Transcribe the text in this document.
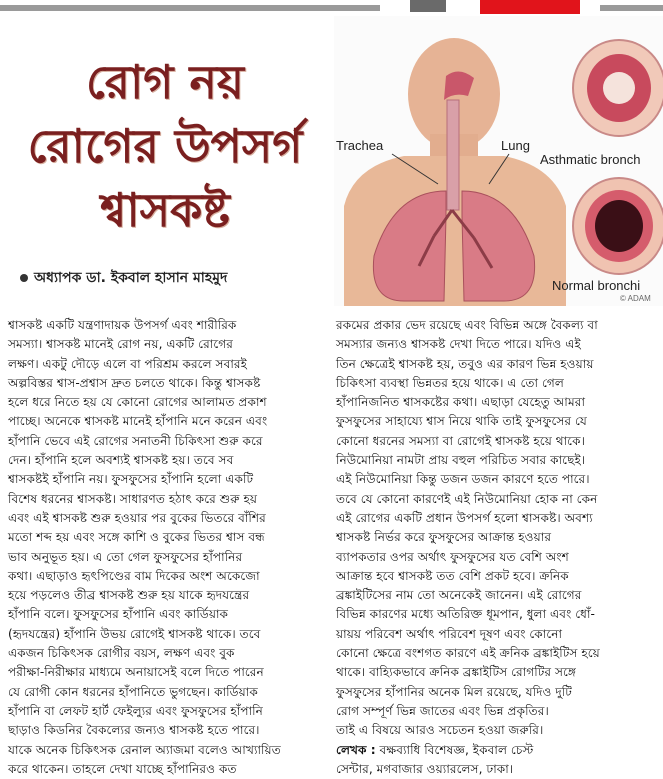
রোগ নয়
রোগের উপসর্গ
শ্বাসকষ্ট
অধ্যাপক ডা. ইকবাল হাসান মাহমুদ
Trachea	Lung
Asthmatic bronch
Normal bronchi
© ADAM

শ্বাসকষ্ট একটি যন্ত্রণাদায়ক উপসর্গ এবং শারীরিক

সমস্যা। শ্বাসকষ্ট মানেই রোগ নয়, একটি রোগের

লক্ষণ। একটু দৌড়ে এলে বা পরিশ্রম করলে সবারই

অল্পবিস্তর শ্বাস-প্রশ্বাস দ্রুত চলতে থাকে। কিন্তু শ্বাসকষ্ট

হলে ধরে নিতে হয় যে কোনো রোগের আলামত প্রকাশ

পাচ্ছে। অনেকে শ্বাসকষ্ট মানেই হাঁপানি মনে করেন এবং

হাঁপানি ভেবে এই রোগের সনাতনী চিকিৎসা শুরু করে

দেন। হাঁপানি হলে অবশ্যই শ্বাসকষ্ট হয়। তবে সব

শ্বাসকষ্টই হাঁপানি নয়। ফুসফুসের হাঁপানি হলো একটি

বিশেষ ধরনের শ্বাসকষ্ট। সাধারণত হঠাৎ করে শুরু হয়

এবং এই শ্বাসকষ্ট শুরু হওয়ার পর বুকের ভিতরে বাঁশির

মতো শব্দ হয় এবং সঙ্গে কাশি ও বুকের ভিতর শ্বাস বন্ধ

ভাব অনুভূত হয়। এ তো গেল ফুসফুসের হাঁপানির

কথা। এছাড়াও হৃৎপিণ্ডের বাম দিকের অংশ অকেজো

হয়ে পড়লেও তীব্র শ্বাসকষ্ট শুরু হয় যাকে হৃদযন্ত্রের

হাঁপানি বলে। ফুসফুসের হাঁপানি এবং কার্ডিয়াক

(হৃদযন্ত্রের) হাঁপানি উভয় রোগেই শ্বাসকষ্ট থাকে। তবে

একজন চিকিৎসক রোগীর বয়স, লক্ষণ এবং বুক

পরীক্ষা-নিরীক্ষার মাধ্যমে অনায়াসেই বলে দিতে পারেন

যে রোগী কোন ধরনের হাঁপানিতে ভুগছেন। কার্ডিয়াক

হাঁপানি বা লেফট হার্ট ফেইল্যুর এবং ফুসফুসের হাঁপানি

ছাড়াও কিডনির বৈকল্যের জন্যও শ্বাসকষ্ট হতে পারে।

যাকে অনেক চিকিৎসক রেনাল অ্যাজমা বলেও আখ্যায়িত

করে থাকেন। তাহলে দেখা যাচ্ছে হাঁপানিরও কত

রকমের প্রকার ভেদ রয়েছে এবং বিভিন্ন অঙ্গে বৈকল্য বা

সমস্যার জন্যও শ্বাসকষ্ট দেখা দিতে পারে। যদিও এই

তিন ক্ষেত্রেই শ্বাসকষ্ট হয়, তবুও এর কারণ ভিন্ন হওয়ায়

চিকিৎসা ব্যবস্থা ভিন্নতর হয়ে থাকে। এ তো গেল

হাঁপানিজনিত শ্বাসকষ্টের কথা। এছাড়া যেহেতু আমরা

ফুসফুসের সাহায্যে শ্বাস নিয়ে থাকি তাই ফুসফুসের যে

কোনো ধরনের সমস্যা বা রোগেই শ্বাসকষ্ট হয়ে থাকে।

নিউমোনিয়া নামটা প্রায় বহুল পরিচিত সবার কাছেই।

এই নিউমোনিয়া কিন্তু ডজন ডজন কারণে হতে পারে।

তবে যে কোনো কারণেই এই নিউমোনিয়া হোক না কেন

এই রোগের একটি প্রধান উপসর্গ হলো শ্বাসকষ্ট। অবশ্য

শ্বাসকষ্ট নির্ভর করে ফুসফুসের আক্রান্ত হওয়ার

ব্যাপকতার ওপর অর্থাৎ ফুসফুসের যত বেশি অংশ

আক্রান্ত হবে শ্বাসকষ্ট তত বেশি প্রকট হবে। ক্রনিক

ব্রঙ্কাইটিসের নাম তো অনেকেই জানেন। এই রোগের

বিভিন্ন কারণের মধ্যে অতিরিক্ত ধূমপান, ধুলা এবং ধোঁ-

য়ায়য় পরিবেশ অর্থাৎ পরিবেশ দূষণ এবং কোনো

কোনো ক্ষেত্রে বংশগত কারণে এই ক্রনিক ব্রঙ্কাইটিস হয়ে

থাকে। বাহ্যিকভাবে ক্রনিক ব্রঙ্কাইটিস রোগটির সঙ্গে

ফুসফুসের হাঁপানির অনেক মিল রয়েছে, যদিও দুটি

রোগ সম্পূর্ণ ভিন্ন জাতের এবং ভিন্ন প্রকৃতির।

তাই এ বিষয়ে আরও সচেতন হওয়া জরুরি।

লেখক : বক্ষব্যাধি বিশেষজ্ঞ, ইকবাল চেস্ট

সেন্টার, মগবাজার ওয়্যারলেস, ঢাকা।
